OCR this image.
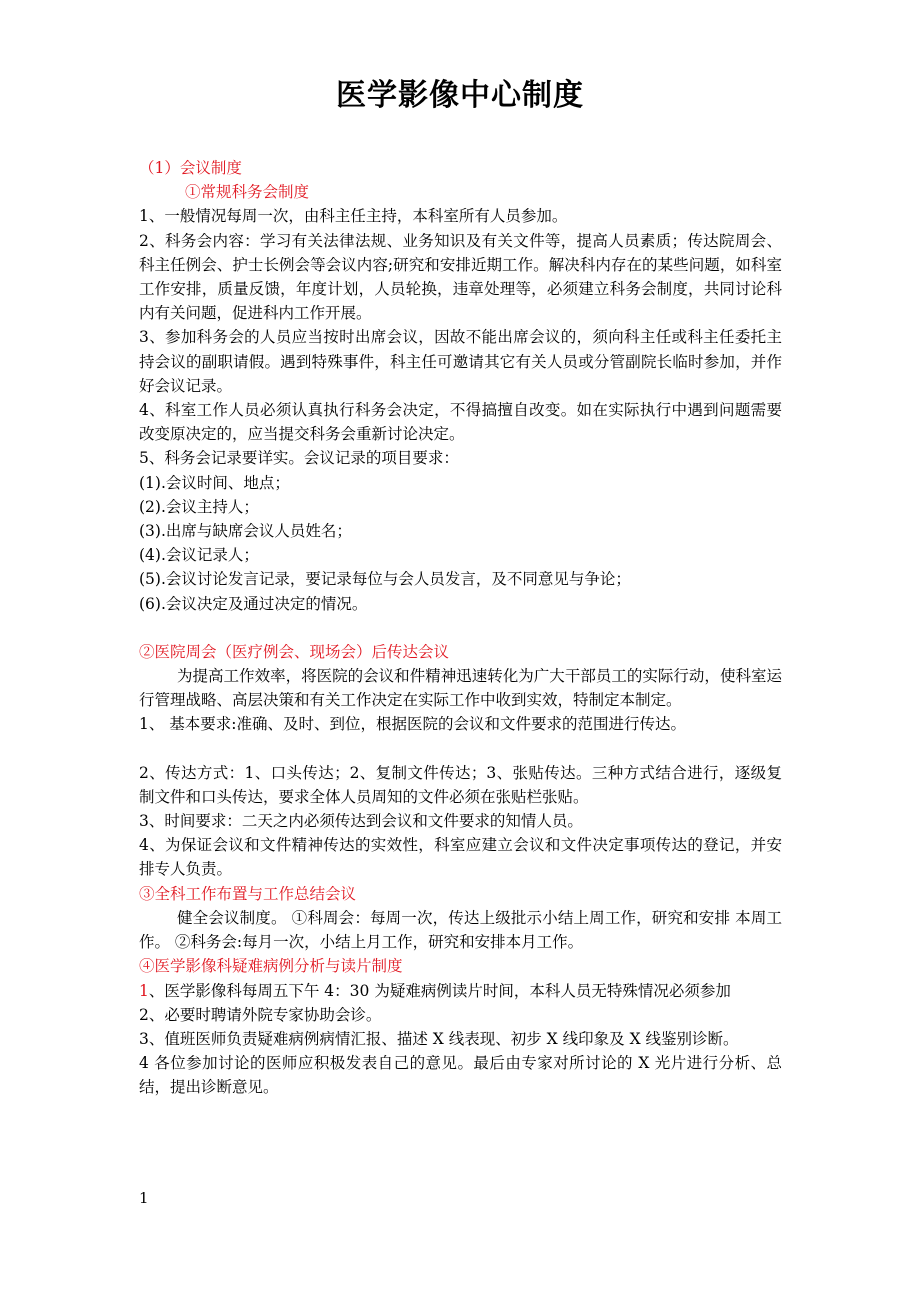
医学影像中心制度

（1）会议制度

①常规科务会制度

1、一般情况每周一次，由科主任主持，本科室所有人员参加。

2、科务会内容：学习有关法律法规、业务知识及有关文件等，提高人员素质；传达院周会、科主任例会、护士长例会等会议内容;研究和安排近期工作。解决科内存在的某些问题，如科室工作安排，质量反馈，年度计划，人员轮换，违章处理等，必须建立科务会制度，共同讨论科内有关问题，促进科内工作开展。

3、参加科务会的人员应当按时出席会议，因故不能出席会议的，须向科主任或科主任委托主持会议的副职请假。遇到特殊事件，科主任可邀请其它有关人员或分管副院长临时参加，并作好会议记录。

4、科室工作人员必须认真执行科务会决定，不得搞擅自改变。如在实际执行中遇到问题需要改变原决定的，应当提交科务会重新讨论决定。

5、科务会记录要详实。会议记录的项目要求：

(1).会议时间、地点；

(2).会议主持人；

(3).出席与缺席会议人员姓名；

(4).会议记录人；

(5).会议讨论发言记录，要记录每位与会人员发言，及不同意见与争论；

(6).会议决定及通过决定的情况。

②医院周会（医疗例会、现场会）后传达会议

为提高工作效率，将医院的会议和件精神迅速转化为广大干部员工的实际行动，使科室运行管理战略、高层决策和有关工作决定在实际工作中收到实效，特制定本制定。

1、 基本要求:准确、及时、到位，根据医院的会议和文件要求的范围进行传达。

2、传达方式：1、口头传达；2、复制文件传达；3、张贴传达。三种方式结合进行，逐级复制文件和口头传达，要求全体人员周知的文件必须在张贴栏张贴。

3、时间要求：二天之内必须传达到会议和文件要求的知情人员。

4、为保证会议和文件精神传达的实效性，科室应建立会议和文件决定事项传达的登记，并安排专人负责。

③全科工作布置与工作总结会议

健全会议制度。 ①科周会：每周一次，传达上级批示小结上周工作，研究和安排 本周工作。 ②科务会:每月一次，小结上月工作，研究和安排本月工作。

④医学影像科疑难病例分析与读片制度

1、医学影像科每周五下午 4：30 为疑难病例读片时间，本科人员无特殊情况必须参加

2、必要时聘请外院专家协助会诊。

3、值班医师负责疑难病例病情汇报、描述 X 线表现、初步 X 线印象及 X 线鉴别诊断。

4 各位参加讨论的医师应积极发表自己的意见。最后由专家对所讨论的 X 光片进行分析、总结，提出诊断意见。

1
